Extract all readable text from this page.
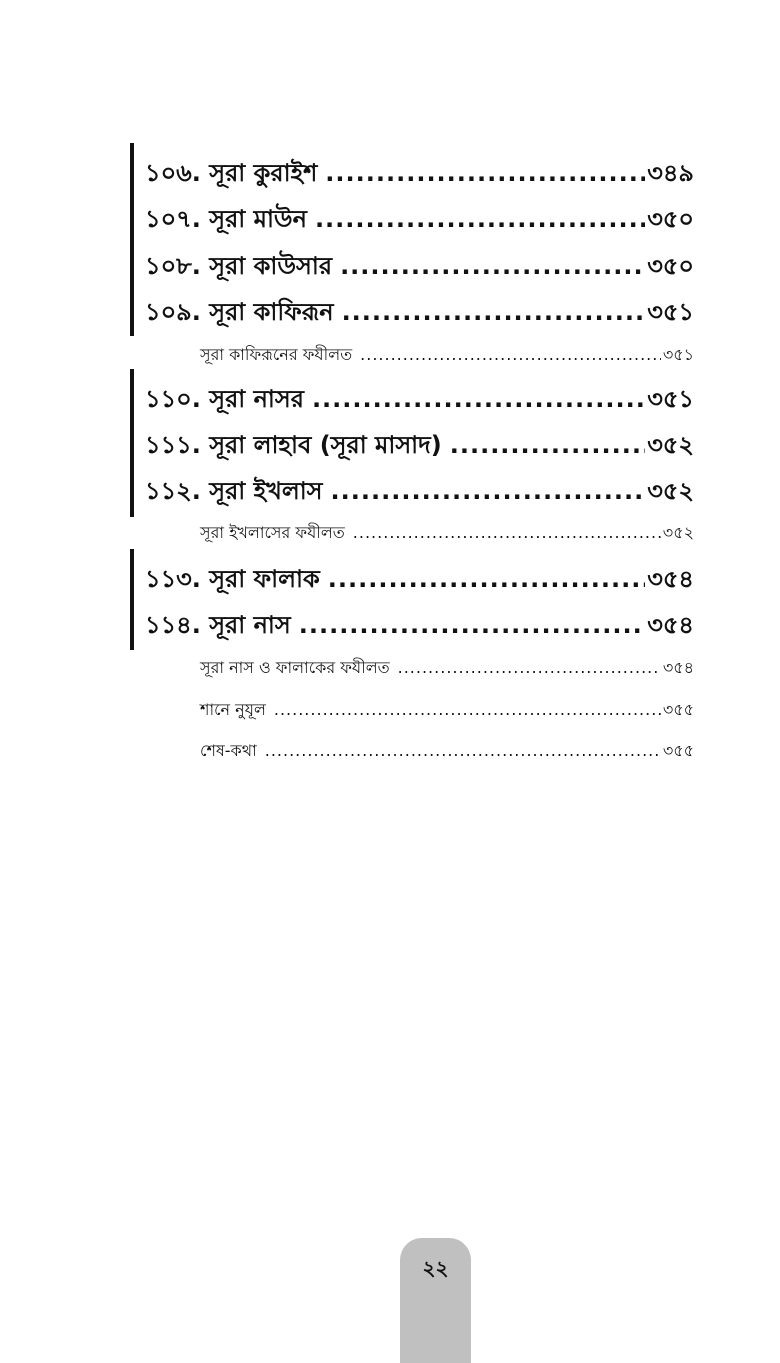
১০৬. সূরা কুরাইশ .....	৩৪৯
১০৭. সূরা মাউন .....	৩৫০
১০৮. সূরা কাউসার .....	৩৫০
১০৯. সূরা কাফিরূন .....	৩৫১
সূরা কাফিরূনের ফযীলত .....	৩৫১
১১০. সূরা নাসর .....	৩৫১
১১১. সূরা লাহাব (সূরা মাসাদ) .....	৩৫২
১১২. সূরা ইখলাস .....	৩৫২
সূরা ইখলাসের ফযীলত .....	৩৫২
১১৩. সূরা ফালাক .....	৩৫৪
১১৪. সূরা নাস .....	৩৫৪
সূরা নাস ও ফালাকের ফযীলত .....	৩৫৪
শানে নুযূল .....	৩৫৫
শেষ-কথা .....	৩৫৫
২২
